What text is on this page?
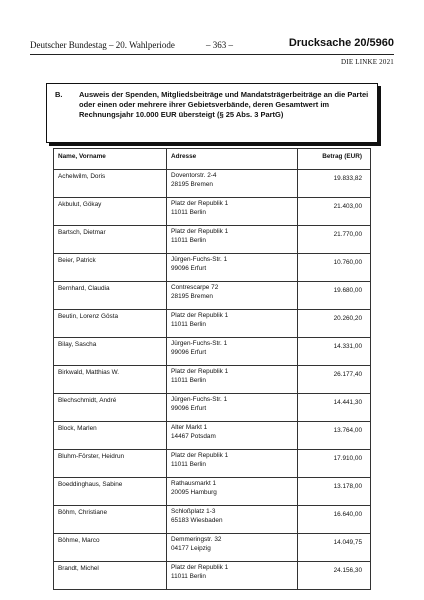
Deutscher Bundestag – 20. Wahlperiode	– 363 –	Drucksache 20/5960
DIE LINKE 2021
B. Ausweis der Spenden, Mitgliedsbeiträge und Mandatsträgerbeiträge an die Partei oder einen oder mehrere ihrer Gebietsverbände, deren Gesamtwert im Rechnungsjahr 10.000 EUR übersteigt (§ 25 Abs. 3 PartG)
Name, Vorname	Adresse	Betrag (EUR)
Achelwilm, Doris	Doventorstr. 2-4
28195 Bremen	19.833,82
Akbulut, Gökay	Platz der Republik 1
11011 Berlin	21.403,00
Bartsch, Dietmar	Platz der Republik 1
11011 Berlin	21.770,00
Beier, Patrick	Jürgen-Fuchs-Str. 1
99096 Erfurt	10.760,00
Bernhard, Claudia	Contrescarpe 72
28195 Bremen	19.680,00
Beutin, Lorenz Gösta	Platz der Republik 1
11011 Berlin	20.260,20
Bilay, Sascha	Jürgen-Fuchs-Str. 1
99096 Erfurt	14.331,00
Birkwald, Matthias W.	Platz der Republik 1
11011 Berlin	26.177,40
Blechschmidt, André	Jürgen-Fuchs-Str. 1
99096 Erfurt	14.441,30
Block, Marlen	Alter Markt 1
14467 Potsdam	13.764,00
Bluhm-Förster, Heidrun	Platz der Republik 1
11011 Berlin	17.910,00
Boeddinghaus, Sabine	Rathausmarkt 1
20095 Hamburg	13.178,00
Böhm, Christiane	Schloßplatz 1-3
65183 Wiesbaden	16.640,00
Böhme, Marco	Demmeringstr. 32
04177 Leipzig	14.049,75
Brandt, Michel	Platz der Republik 1
11011 Berlin	24.156,30
